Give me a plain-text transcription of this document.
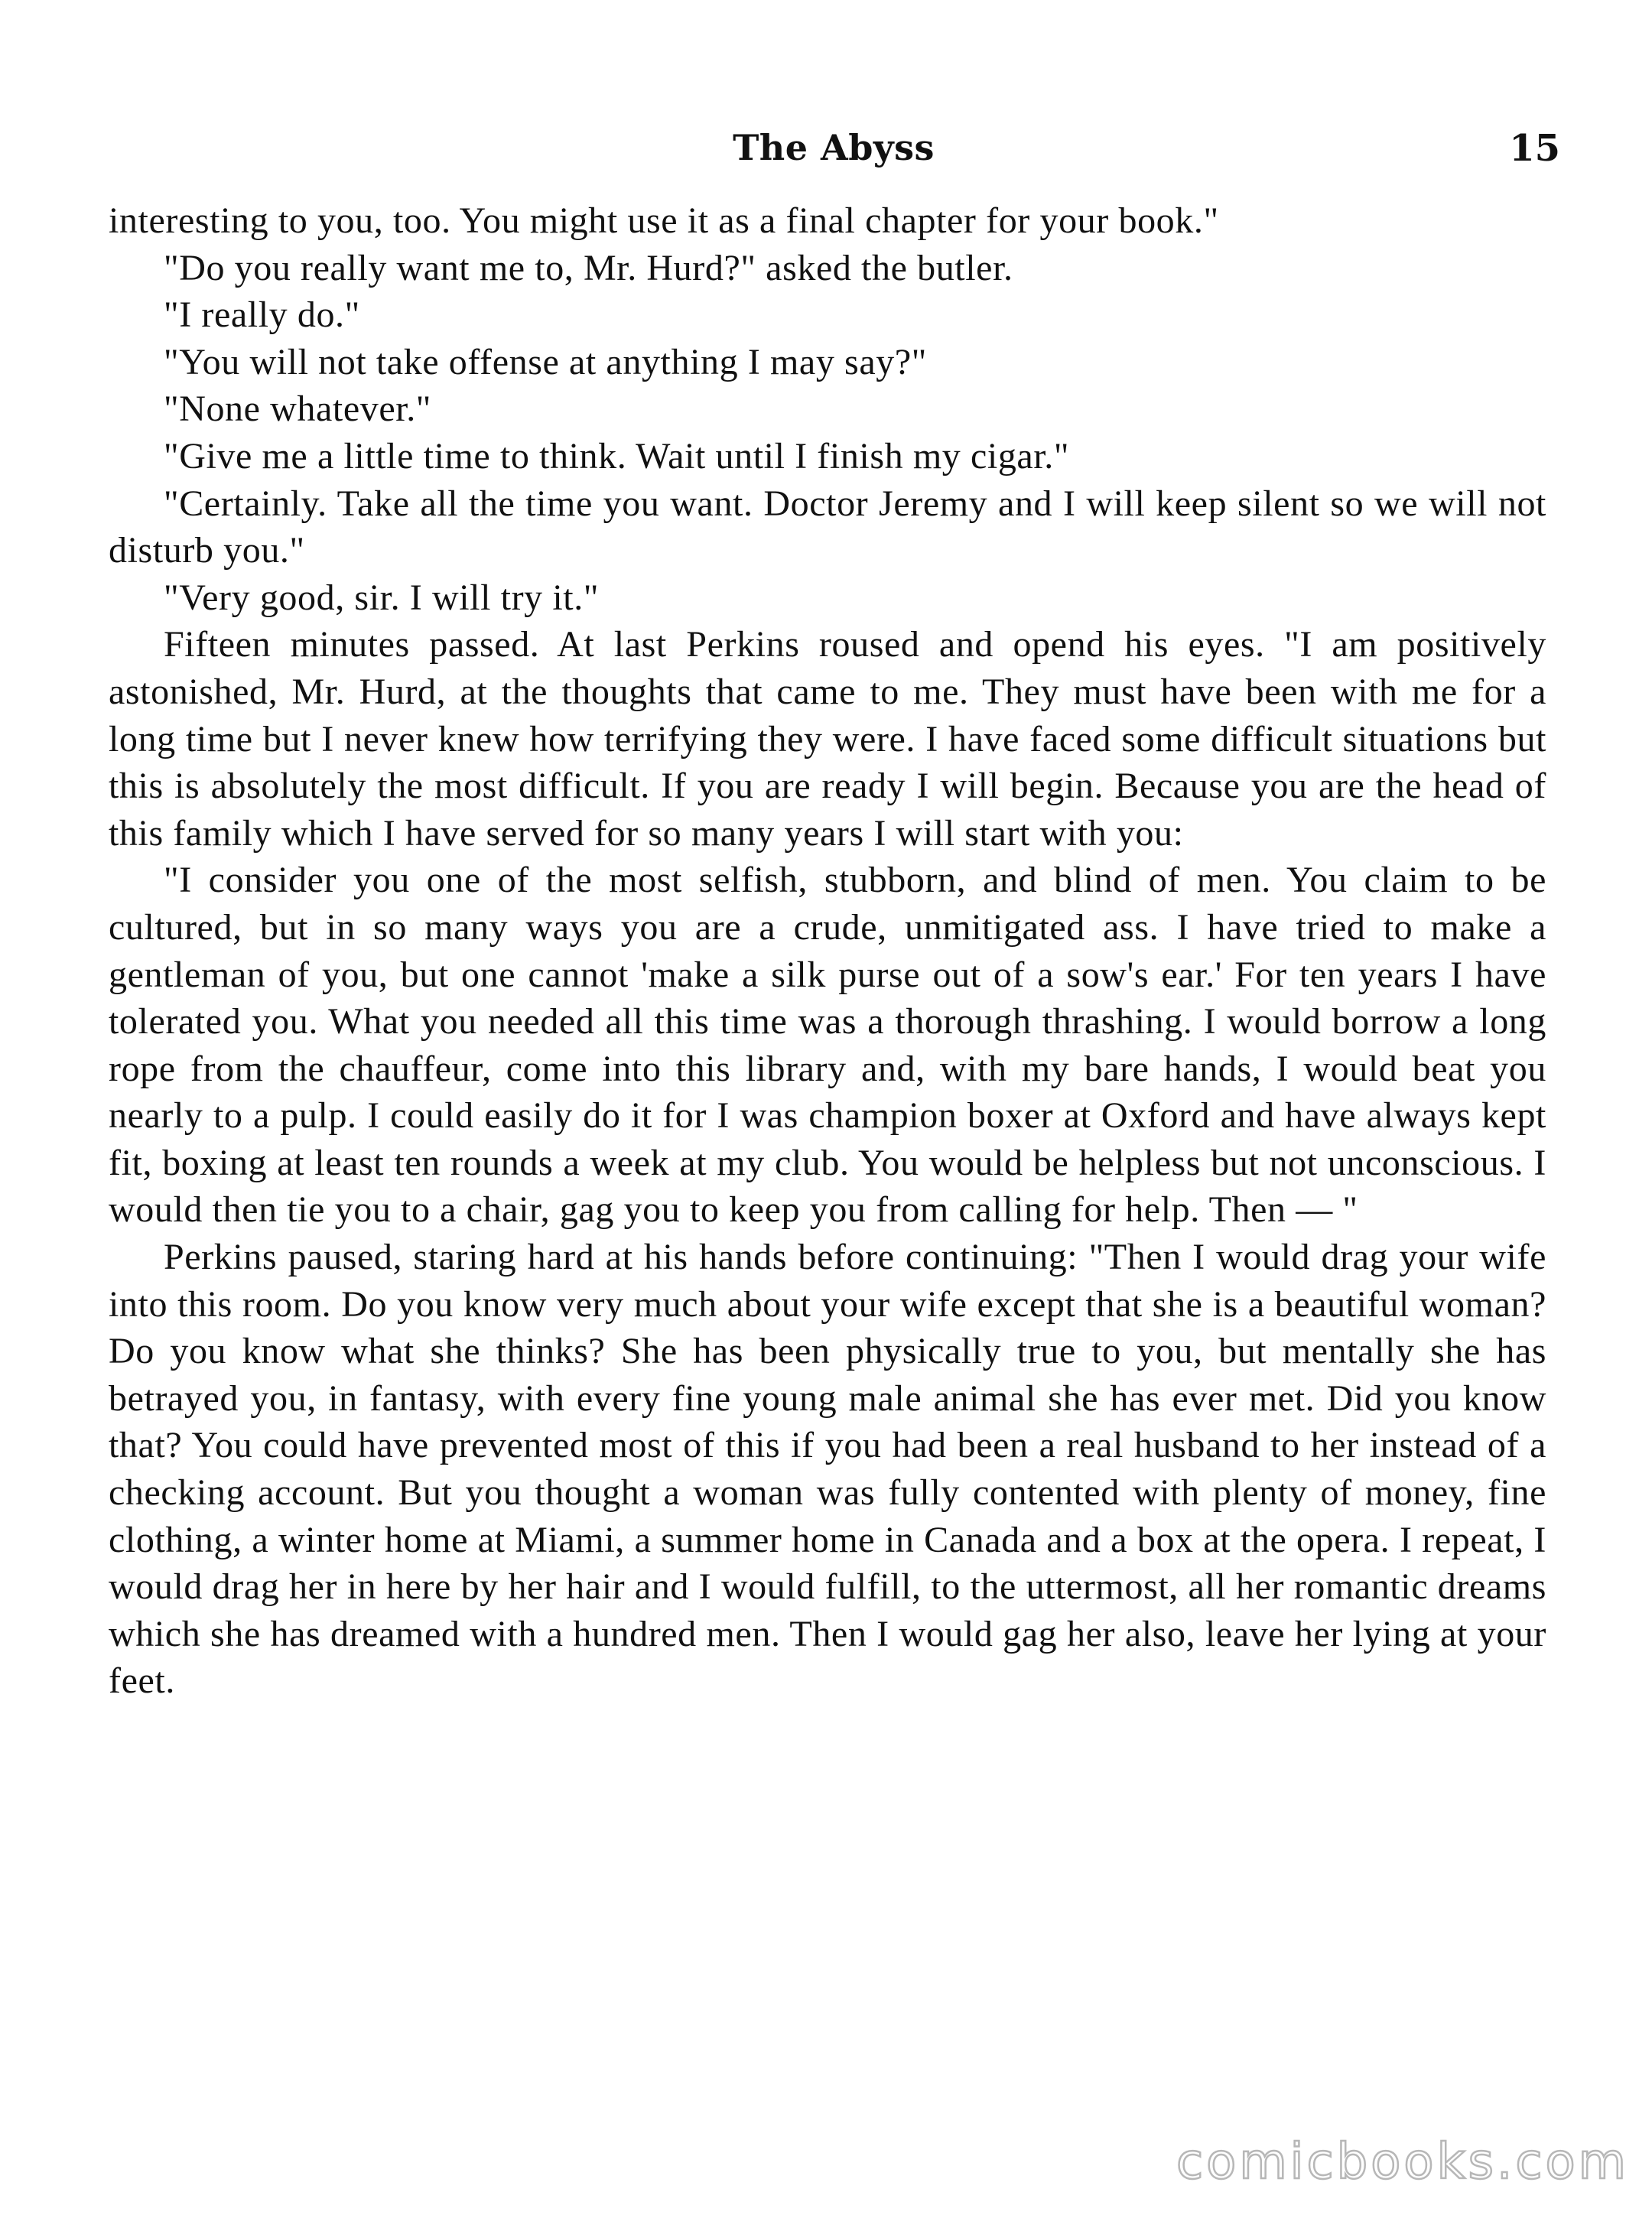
The Abyss	15

interesting to you, too. You might use it as a final chapter for your book."

"Do you really want me to, Mr. Hurd?" asked the butler.

"I really do."

"You will not take offense at anything I may say?"

"None whatever."

"Give me a little time to think. Wait until I finish my cigar."

"Certainly. Take all the time you want. Doctor Jeremy and I will keep silent so we will not disturb you."

"Very good, sir. I will try it."

Fifteen minutes passed. At last Perkins roused and opend his eyes. "I am positively astonished, Mr. Hurd, at the thoughts that came to me. They must have been with me for a long time but I never knew how terrifying they were. I have faced some difficult situations but this is absolutely the most difficult. If you are ready I will begin. Because you are the head of this family which I have served for so many years I will start with you:

"I consider you one of the most selfish, stubborn, and blind of men. You claim to be cultured, but in so many ways you are a crude, unmitigated ass. I have tried to make a gentleman of you, but one cannot 'make a silk purse out of a sow's ear.' For ten years I have tolerated you. What you needed all this time was a thorough thrashing. I would borrow a long rope from the chauffeur, come into this library and, with my bare hands, I would beat you nearly to a pulp. I could easily do it for I was champion boxer at Oxford and have always kept fit, boxing at least ten rounds a week at my club. You would be helpless but not unconscious. I would then tie you to a chair, gag you to keep you from calling for help. Then — "

Perkins paused, staring hard at his hands before continuing: "Then I would drag your wife into this room. Do you know very much about your wife except that she is a beautiful woman? Do you know what she thinks? She has been physically true to you, but mentally she has betrayed you, in fantasy, with every fine young male animal she has ever met. Did you know that? You could have prevented most of this if you had been a real husband to her instead of a checking account. But you thought a woman was fully contented with plenty of money, fine clothing, a winter home at Miami, a summer home in Canada and a box at the opera. I repeat, I would drag her in here by her hair and I would fulfill, to the uttermost, all her romantic dreams which she has dreamed with a hundred men. Then I would gag her also, leave her lying at your feet.

comicbooks.com
